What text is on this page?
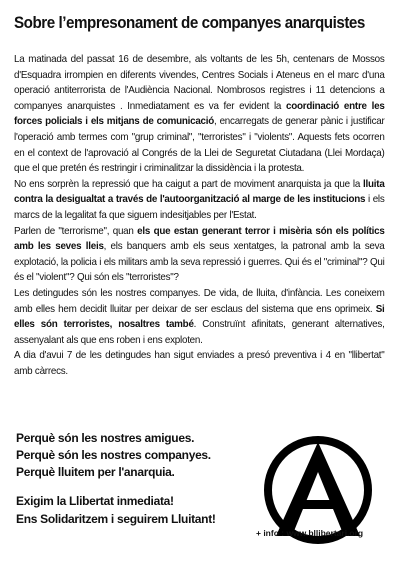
Sobre l’empresonament de companyes anarquistes

La matinada del passat 16 de desembre, als voltants de les 5h, centenars de Mossos d'Esquadra irrompien en diferents vivendes, Centres Socials i Ateneus en el marc d'una operació antiterrorista de l'Audiència Nacional. Nombrosos registres i 11 detencions a companyes anarquistes . Inmediatament es va fer evident la coordinació entre les forces policials i els mitjans de comunicació, encarregats de generar pànic i justificar l'operació amb termes com "grup criminal", "terroristes" i "violents". Aquests fets ocorren en el context de l'aprovació al Congrés de la Llei de Seguretat Ciutadana (Llei Mordaça) que el que pretén és restringir i criminalitzar la dissidència i la protesta.

No ens sorprèn la repressió que ha caigut a part de moviment anarquista ja que la lluita contra la desigualtat a través de l'autoorganització al marge de les institucions i els marcs de la legalitat fa que siguem indesitjables per l'Estat.

Parlen de "terrorisme", quan els que estan generant terror i misèria són els polítics amb les seves lleis, els banquers amb els seus xentatges, la patronal amb la seva explotació, la policia i els militars amb la seva repressió i guerres. Qui és el "criminal"? Qui és el "violent"? Qui són els "terroristes"?

Les detingudes són les nostres companyes. De vida, de lluita, d'infància. Les coneixem amb elles hem decidit lluitar per deixar de ser esclaus del sistema que ens oprimeix. Si elles són terroristes, nosaltres també. Construïnt afinitats, generant alternatives, assenyalant als que ens roben i ens exploten.

A dia d'avui 7 de les detingudes han sigut enviades a presó preventiva i 4 en "llibertat" amb càrrecs.

Perquè són les nostres amigues.
Perquè són les nostres companyes.
Perquè lluitem per l'anarquia.
Exigim la Llibertat inmediata!
Ens Solidaritzem i seguirem Lluitant!
+ info : www.bllibertari.org
